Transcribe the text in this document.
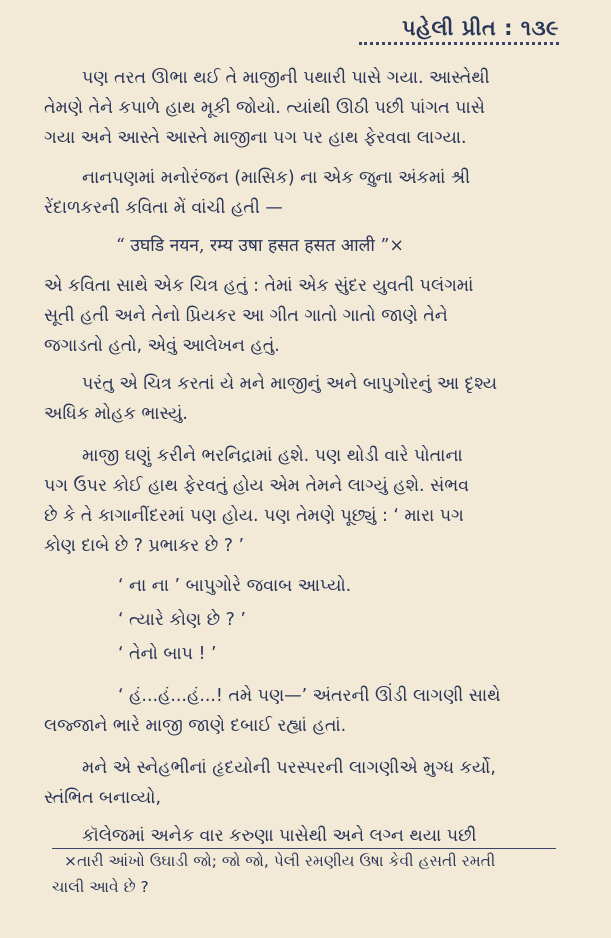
પહેલી પ્રીત : ૧૩૯
પણ તરત ઊભા થઈ તે માજીની પથારી પાસે ગયા. આસ્તેથી
તેમણે તેને કપાળે હાથ મૂકી જોયો. ત્યાંથી ઊઠી પછી પાંગત પાસે
ગયા અને આસ્તે આસ્તે માજીના પગ પર હાથ ફેરવવા લાગ્યા.
નાનપણમાં મનોરંજન (માસિક) ના એક જુના અંકમાં શ્રી
રેંદાળકરની કવિતા મેં વાંચી હતી —
“ उघडि नयन, रम्य उषा हसत हसत आली ”×
એ કવિતા સાથે એક ચિત્ર હતું : તેમાં એક સુંદર યુવતી પલંગમાં
સૂતી હતી અને તેનો પ્રિયકર આ ગીત ગાતો ગાતો જાણે તેને
જગાડતો હતો, એવું આલેખન હતું.
પરંતુ એ ચિત્ર કરતાં યે મને માજીનું અને બાપુગોરનું આ દૃશ્ય
અધિક મોહક ભાસ્યું.
માજી ઘણું કરીને ભરનિદ્રામાં હશે. પણ થોડી વારે પોતાના
પગ ઉપર કોઈ હાથ ફેરવતું હોય એમ તેમને લાગ્યું હશે. સંભવ
છે કે તે કાગાનીંદરમાં પણ હોય. પણ તેમણે પૂછ્યું : ‘ મારા પગ
કોણ દાબે છે ? પ્રભાકર છે ? ’
‘ ના ના ’ બાપુગોરે જવાબ આપ્યો.
‘ ત્યારે કોણ છે ? ’
‘ તેનો બાપ ! ’
‘ હં...હં...હં...! તમે પણ—’ અંતરની ઊંડી લાગણી સાથે
લજ્જાને ભારે માજી જાણે દબાઈ રહ્યાં હતાં.
મને એ સ્નેહભીનાં હૃદયોની પરસ્પરની લાગણીએ મુગ્ધ કર્યો,
સ્તંભિત બનાવ્યો,
કૉલેજમાં અનેક વાર કરુણા પાસેથી અને લગ્ન થયા પછી
×તારી આંખો ઉઘાડી જો; જો જો, પેલી રમણીય ઉષા કેવી હસતી રમતી
ચાલી આવે છે ?
